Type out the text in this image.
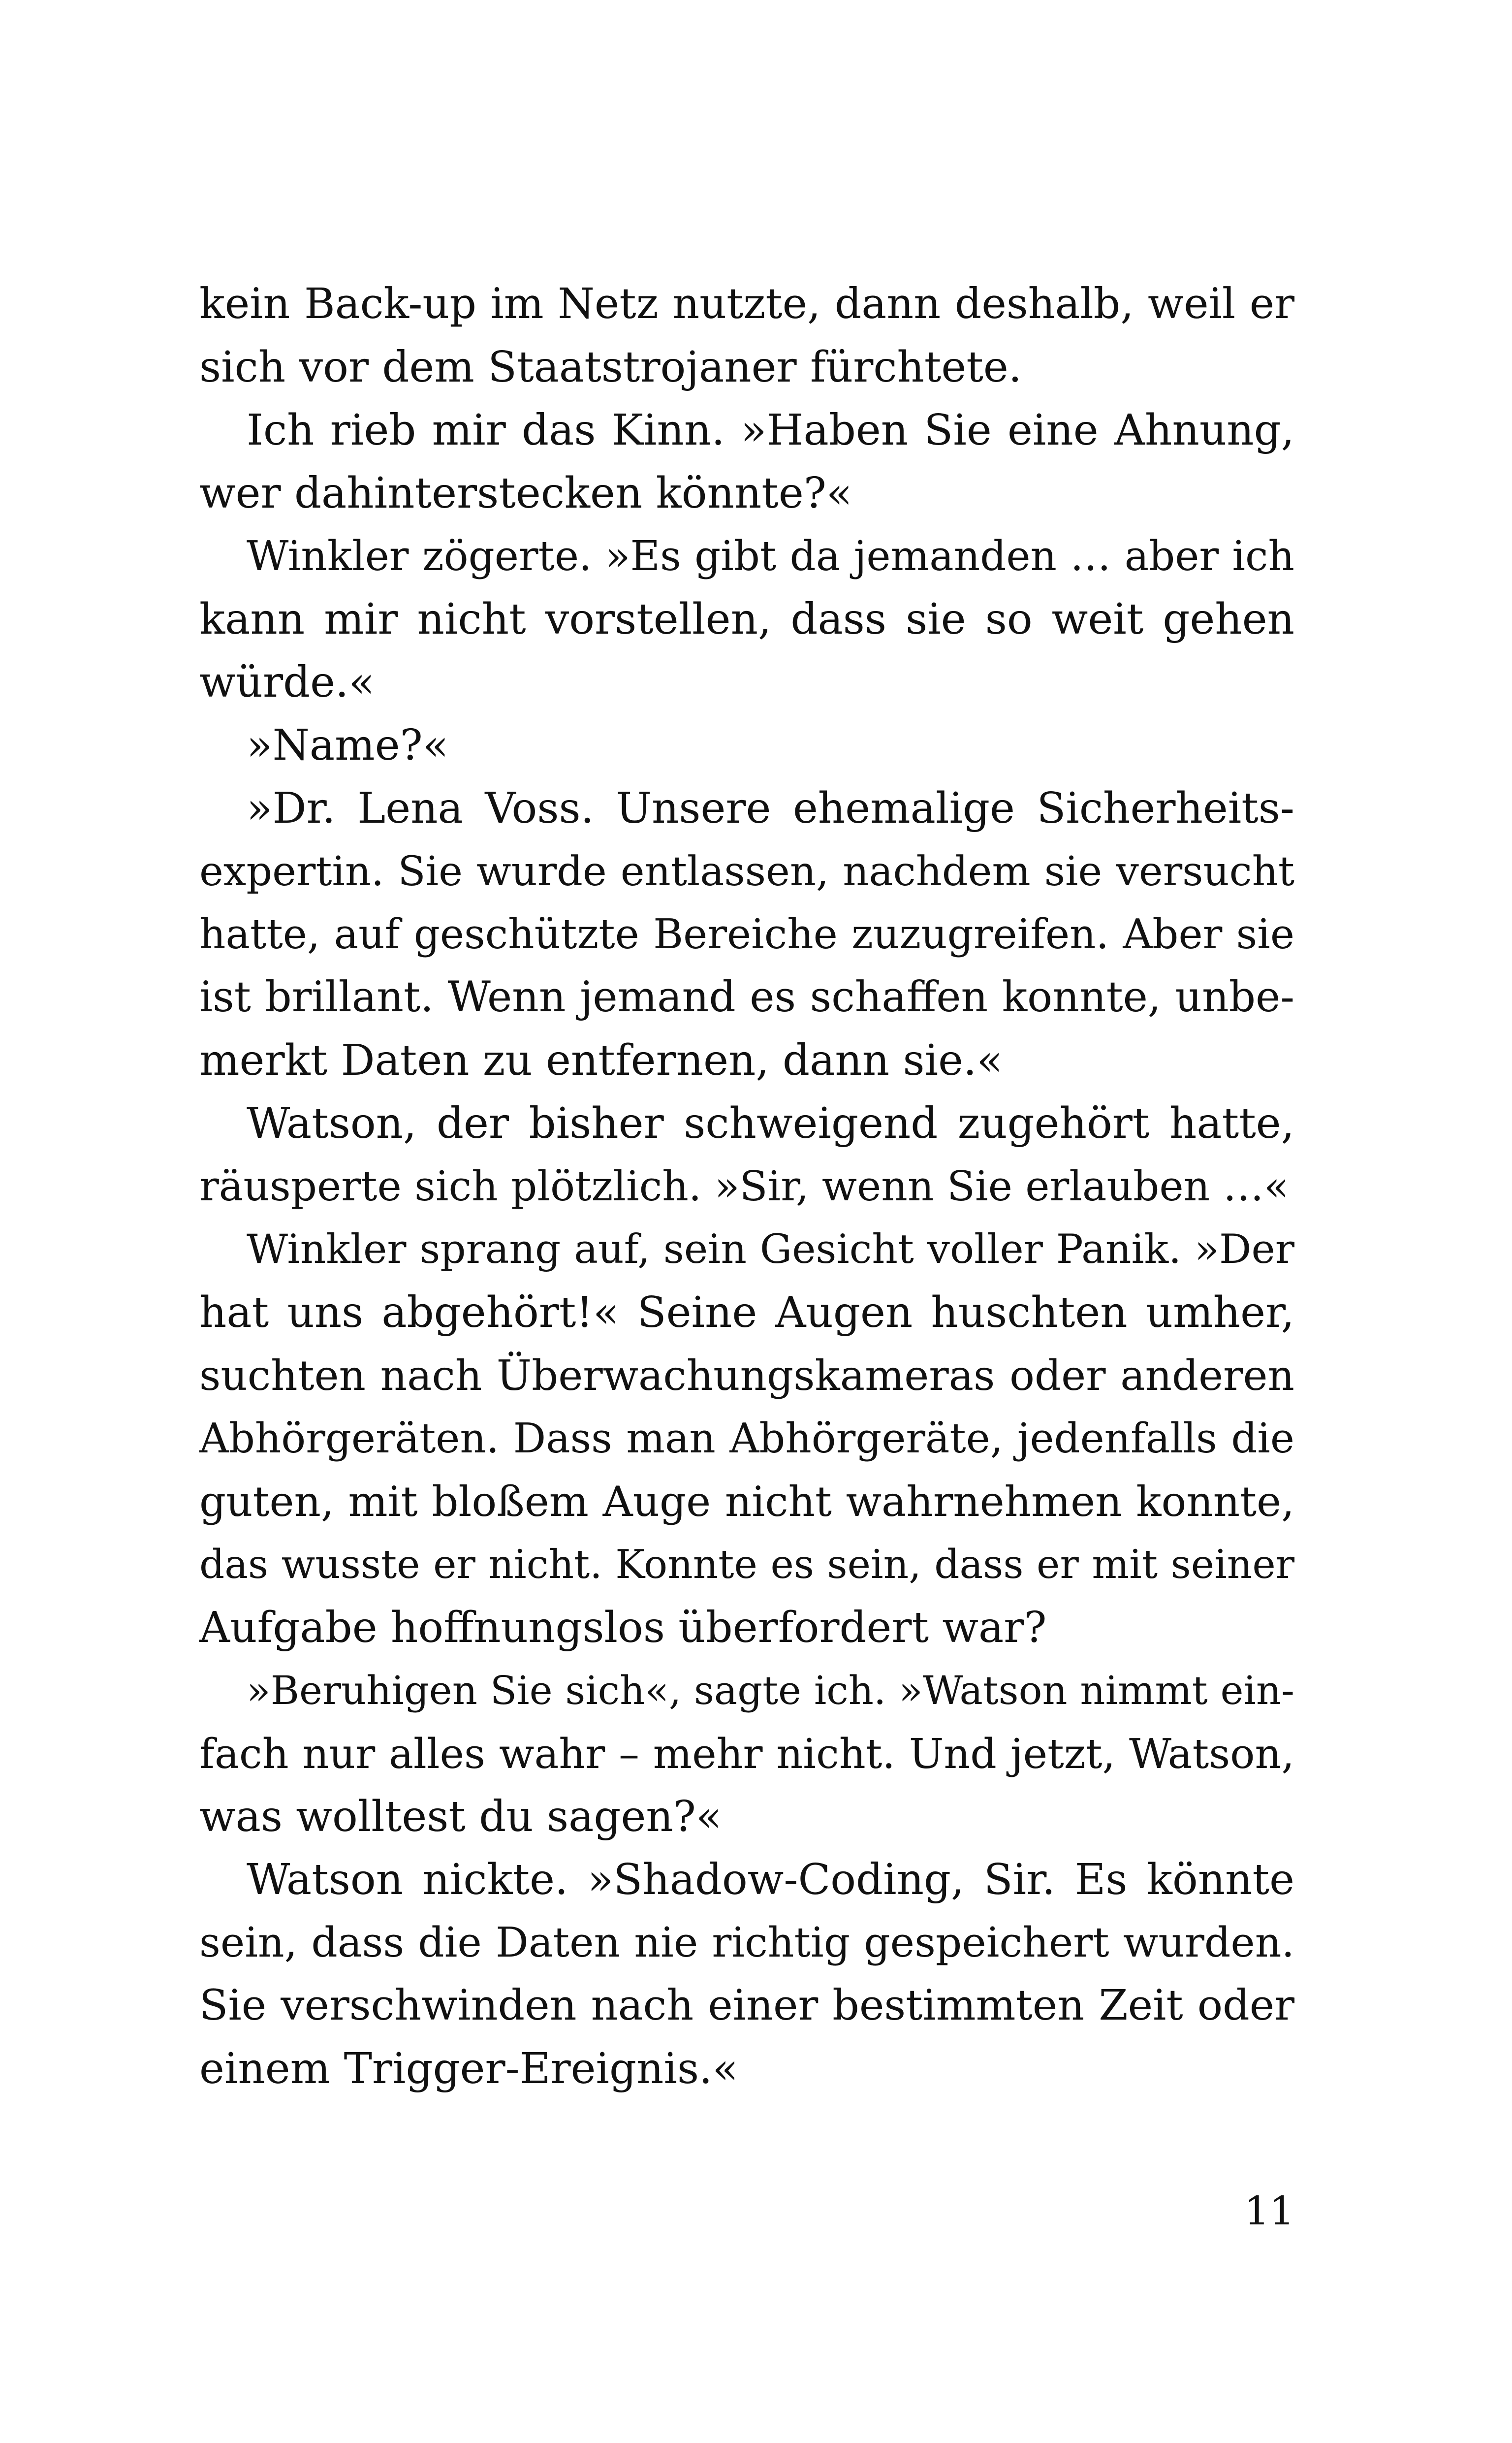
kein Back-up im Netz nutzte, dann deshalb, weil er
sich vor dem Staatstrojaner fürchtete.
Ich rieb mir das Kinn. »Haben Sie eine Ahnung,
wer dahinterstecken könnte?«
Winkler zögerte. »Es gibt da jemanden … aber ich
kann mir nicht vorstellen, dass sie so weit gehen
würde.«
»Name?«
»Dr. Lena Voss. Unsere ehemalige Sicherheits-
expertin. Sie wurde entlassen, nachdem sie versucht
hatte, auf geschützte Bereiche zuzugreifen. Aber sie
ist brillant. Wenn jemand es schaffen konnte, unbe-
merkt Daten zu entfernen, dann sie.«
Watson, der bisher schweigend zugehört hatte,
räusperte sich plötzlich. »Sir, wenn Sie erlauben …«
Winkler sprang auf, sein Gesicht voller Panik. »Der
hat uns abgehört!« Seine Augen huschten umher,
suchten nach Überwachungskameras oder anderen
Abhörgeräten. Dass man Abhörgeräte, jedenfalls die
guten, mit bloßem Auge nicht wahrnehmen konnte,
das wusste er nicht. Konnte es sein, dass er mit seiner
Aufgabe hoffnungslos überfordert war?
»Beruhigen Sie sich«, sagte ich. »Watson nimmt ein-
fach nur alles wahr – mehr nicht. Und jetzt, Watson,
was wolltest du sagen?«
Watson nickte. »Shadow-Coding, Sir. Es könnte
sein, dass die Daten nie richtig gespeichert wurden.
Sie verschwinden nach einer bestimmten Zeit oder
einem Trigger-Ereignis.«
11
